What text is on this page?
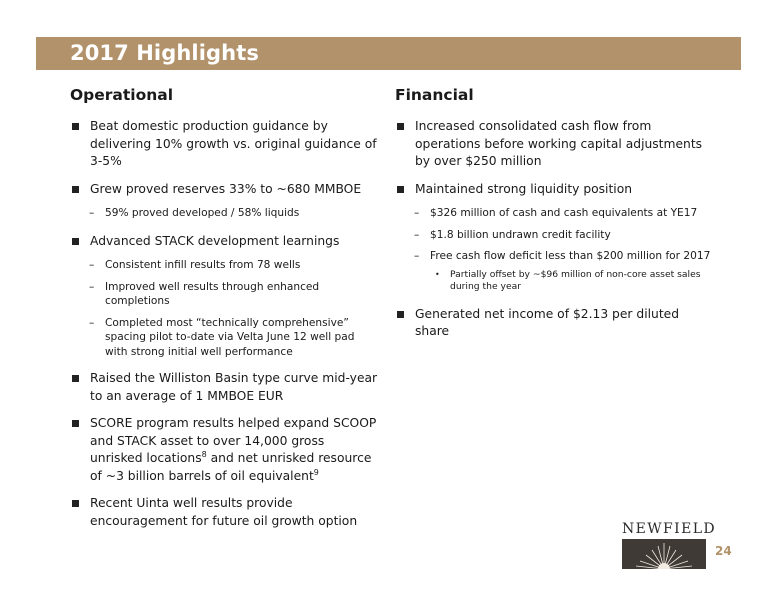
2017 Highlights
Operational
Beat domestic production guidance by delivering 10% growth vs. original guidance of 3-5%
Grew proved reserves 33% to ~680 MMBOE
– 59% proved developed / 58% liquids
Advanced STACK development learnings
– Consistent infill results from 78 wells
– Improved well results through enhanced completions
– Completed most “technically comprehensive” spacing pilot to-date via Velta June 12 well pad with strong initial well performance
Raised the Williston Basin type curve mid-year to an average of 1 MMBOE EUR
SCORE program results helped expand SCOOP and STACK asset to over 14,000 gross unrisked locations$^8$ and net unrisked resource of ~3 billion barrels of oil equivalent$^9$
Recent Uinta well results provide encouragement for future oil growth option
Financial
Increased consolidated cash flow from operations before working capital adjustments by over $250 million
Maintained strong liquidity position
– $326 million of cash and cash equivalents at YE17
– $1.8 billion undrawn credit facility
– Free cash flow deficit less than $200 million for 2017
• Partially offset by ~$96 million of non-core asset sales during the year
Generated net income of $2.13 per diluted share
NEWFIELD
24
